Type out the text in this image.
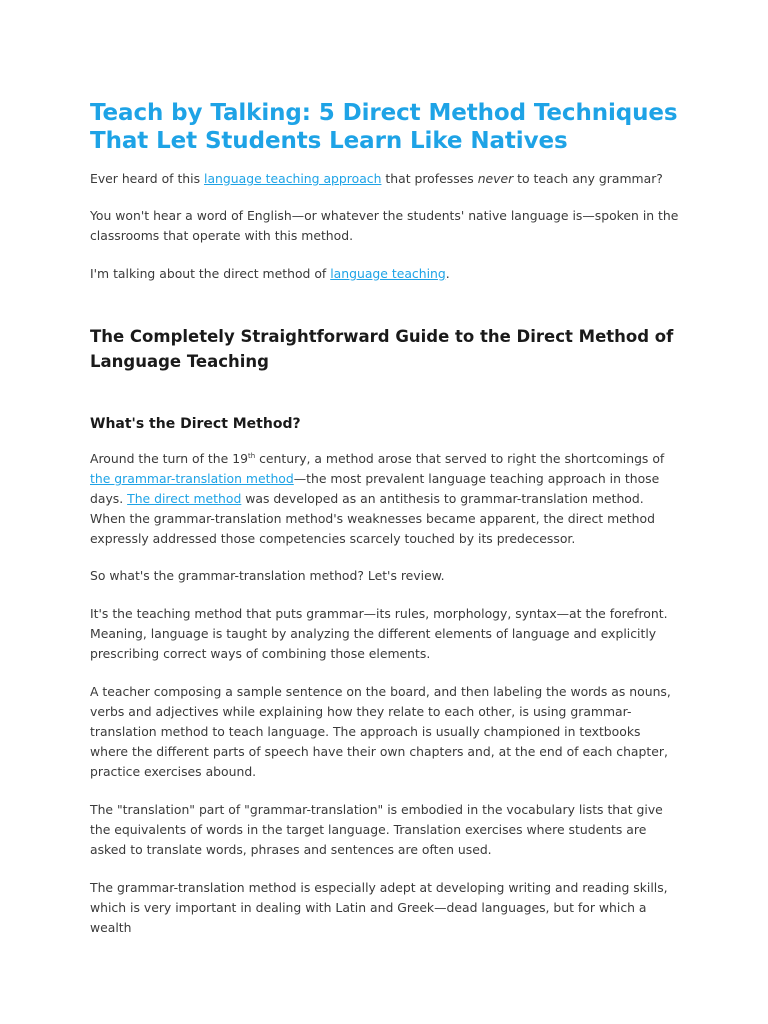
Teach by Talking: 5 Direct Method Techniques That Let Students Learn Like Natives

Ever heard of this language teaching approach that professes never to teach any grammar?

You won't hear a word of English—or whatever the students' native language is—spoken in the classrooms that operate with this method.

I'm talking about the direct method of language teaching.

The Completely Straightforward Guide to the Direct Method of Language Teaching
What's the Direct Method?

Around the turn of the 19th century, a method arose that served to right the shortcomings of the grammar-translation method—the most prevalent language teaching approach in those days. The direct method was developed as an antithesis to grammar-translation method. When the grammar-translation method's weaknesses became apparent, the direct method expressly addressed those competencies scarcely touched by its predecessor.

So what's the grammar-translation method? Let's review.

It's the teaching method that puts grammar—its rules, morphology, syntax—at the forefront. Meaning, language is taught by analyzing the different elements of language and explicitly prescribing correct ways of combining those elements.

A teacher composing a sample sentence on the board, and then labeling the words as nouns, verbs and adjectives while explaining how they relate to each other, is using grammar-translation method to teach language. The approach is usually championed in textbooks where the different parts of speech have their own chapters and, at the end of each chapter, practice exercises abound.

The "translation" part of "grammar-translation" is embodied in the vocabulary lists that give the equivalents of words in the target language. Translation exercises where students are asked to translate words, phrases and sentences are often used.

The grammar-translation method is especially adept at developing writing and reading skills, which is very important in dealing with Latin and Greek—dead languages, but for which a wealth
